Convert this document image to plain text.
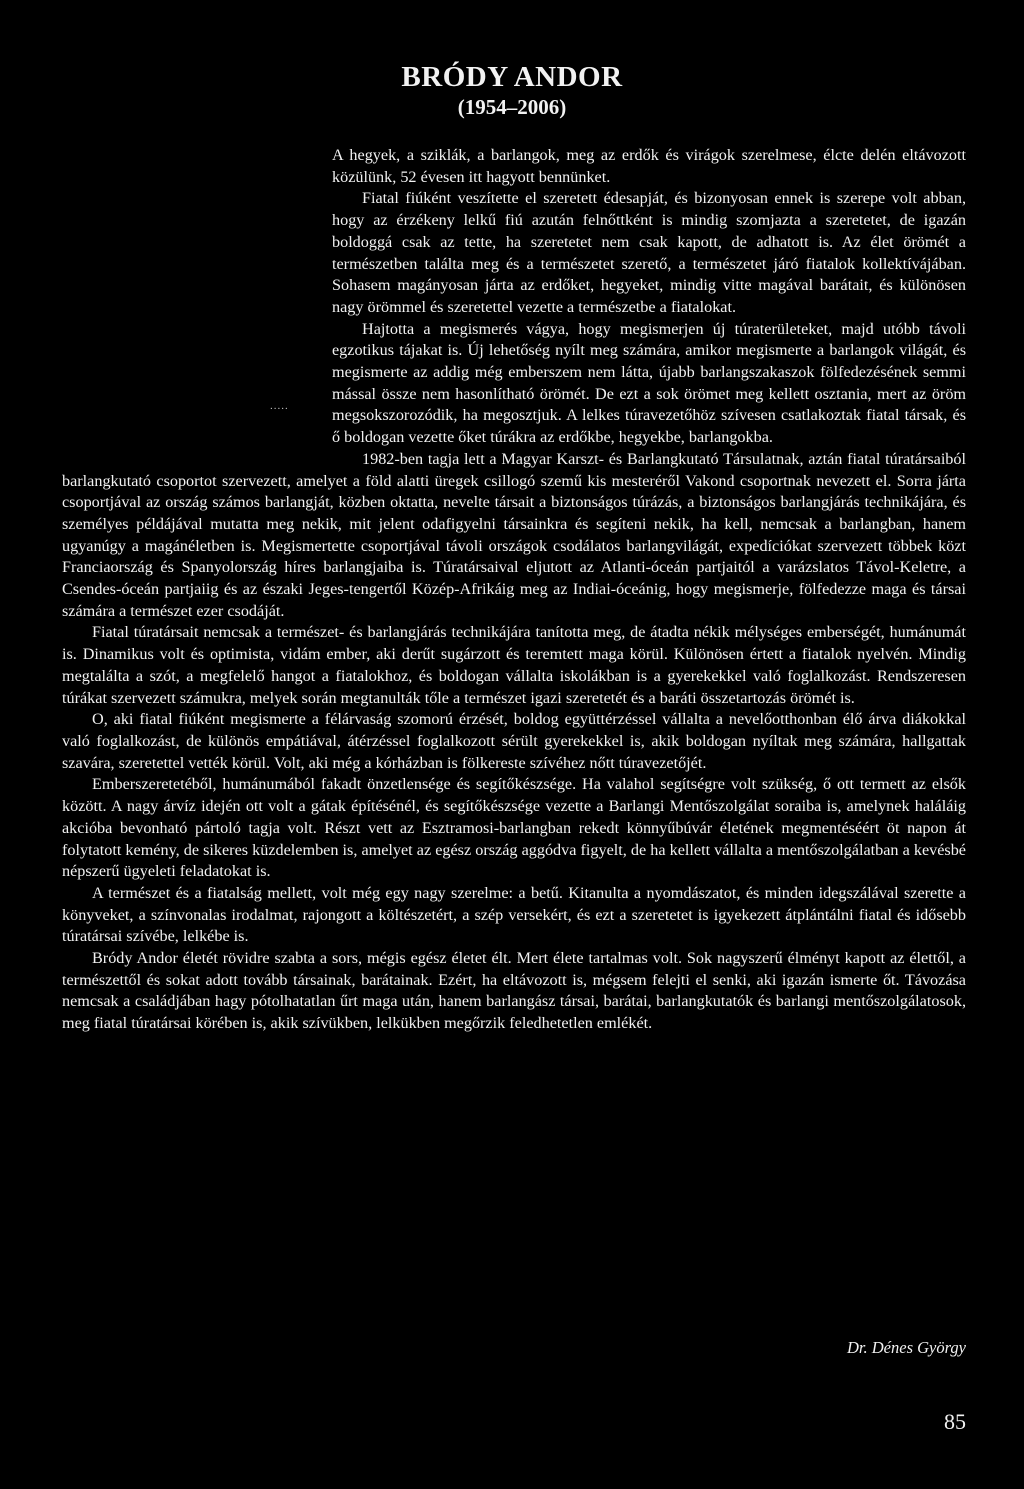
BRÓDY ANDOR
(1954–2006)
.....

A hegyek, a sziklák, a barlangok, meg az erdők és virágok szerelmese, élcte delén eltávozott közülünk, 52 évesen itt hagyott bennünket.

Fiatal fiúként veszítette el szeretett édesapját, és bizonyosan ennek is szerepe volt abban, hogy az érzékeny lelkű fiú azután felnőttként is mindig szomjazta a szeretetet, de igazán boldoggá csak az tette, ha szeretetet nem csak kapott, de adhatott is. Az élet örömét a természetben találta meg és a természetet szerető, a természetet járó fiatalok kollektívájában. Sohasem magányosan járta az erdőket, hegyeket, mindig vitte magával barátait, és különösen nagy örömmel és szeretettel vezette a természetbe a fiatalokat.

Hajtotta a megismerés vágya, hogy megismerjen új túraterületeket, majd utóbb távoli egzotikus tájakat is. Új lehetőség nyílt meg számára, amikor megismerte a barlangok világát, és megismerte az addig még emberszem nem látta, újabb barlangszakaszok fölfedezésének semmi mással össze nem hasonlítható örömét. De ezt a sok örömet meg kellett osztania, mert az öröm megsokszorozódik, ha megosztjuk. A lelkes túravezetőhöz szívesen csatlakoztak fiatal társak, és ő boldogan vezette őket túrákra az erdőkbe, hegyekbe, barlangokba.

1982-ben tagja lett a Magyar Karszt- és Barlangkutató Társulatnak, aztán fiatal túratársaiból barlangkutató csoportot szervezett, amelyet a föld alatti üregek csillogó szemű kis mesteréről Vakond csoportnak nevezett el. Sorra járta csoportjával az ország számos barlangját, közben oktatta, nevelte társait a biztonságos túrázás, a biztonságos barlangjárás technikájára, és személyes példájával mutatta meg nekik, mit jelent odafigyelni társainkra és segíteni nekik, ha kell, nemcsak a barlangban, hanem ugyanúgy a magánéletben is. Megismertette csoportjával távoli országok csodálatos barlangvilágát, expedíciókat szervezett többek közt Franciaország és Spanyolország híres barlangjaiba is. Túratársaival eljutott az Atlanti-óceán partjaitól a varázslatos Távol-Keletre, a Csendes-óceán partjaiig és az északi Jeges-tengertől Közép-Afrikáig meg az Indiai-óceánig, hogy megismerje, fölfedezze maga és társai számára a természet ezer csodáját.

Fiatal túratársait nemcsak a természet- és barlangjárás technikájára tanította meg, de átadta nékik mélységes emberségét, humánumát is. Dinamikus volt és optimista, vidám ember, aki derűt sugárzott és teremtett maga körül. Különösen értett a fiatalok nyelvén. Mindig megtalálta a szót, a megfelelő hangot a fiatalokhoz, és boldogan vállalta iskolákban is a gyerekekkel való foglalkozást. Rendszeresen túrákat szervezett számukra, melyek során megtanulták tőle a természet igazi szeretetét és a baráti összetartozás örömét is.

O, aki fiatal fiúként megismerte a félárvaság szomorú érzését, boldog együttérzéssel vállalta a nevelőotthonban élő árva diákokkal való foglalkozást, de különös empátiával, átérzéssel foglalkozott sérült gyerekekkel is, akik boldogan nyíltak meg számára, hallgattak szavára, szeretettel vették körül. Volt, aki még a kórházban is fölkereste szívéhez nőtt túravezetőjét.

Emberszeretetéből, humánumából fakadt önzetlensége és segítőkészsége. Ha valahol segítségre volt szükség, ő ott termett az elsők között. A nagy árvíz idején ott volt a gátak építésénél, és segítőkészsége vezette a Barlangi Mentőszolgálat soraiba is, amelynek haláláig akcióba bevonható pártoló tagja volt. Részt vett az Esztramosi-barlangban rekedt könnyűbúvár életének megmentéséért öt napon át folytatott kemény, de sikeres küzdelemben is, amelyet az egész ország aggódva figyelt, de ha kellett vállalta a mentőszolgálatban a kevésbé népszerű ügyeleti feladatokat is.

A természet és a fiatalság mellett, volt még egy nagy szerelme: a betű. Kitanulta a nyomdászatot, és minden idegszálával szerette a könyveket, a színvonalas irodalmat, rajongott a költészetért, a szép versekért, és ezt a szeretetet is igyekezett átplántálni fiatal és idősebb túratársai szívébe, lelkébe is.

Bródy Andor életét rövidre szabta a sors, mégis egész életet élt. Mert élete tartalmas volt. Sok nagyszerű élményt kapott az élettől, a természettől és sokat adott tovább társainak, barátainak. Ezért, ha eltávozott is, mégsem felejti el senki, aki igazán ismerte őt. Távozása nemcsak a családjában hagy pótolhatatlan űrt maga után, hanem barlangász társai, barátai, barlangkutatók és barlangi mentőszolgálatosok, meg fiatal túratársai körében is, akik szívükben, lelkükben megőrzik feledhetetlen emlékét.

Dr. Dénes György
85
